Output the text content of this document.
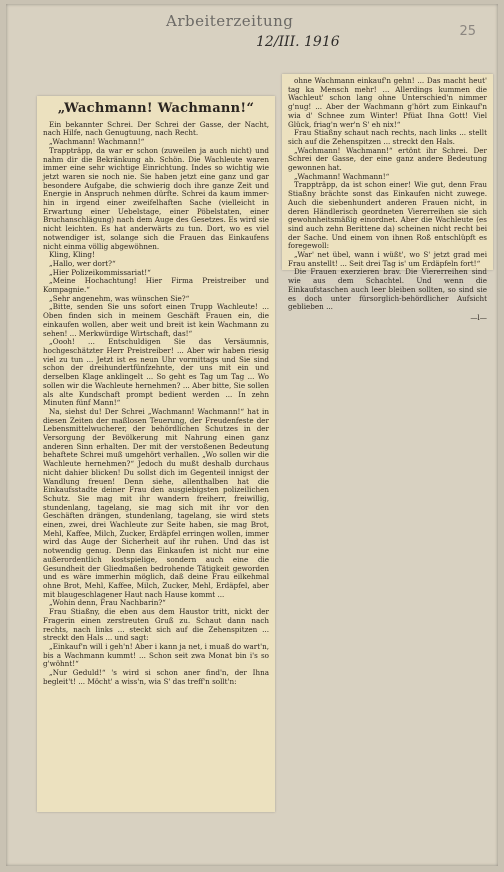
Arbeiterzeitung
12/III. 1916
25
„Wachmann! Wachmann!“

Ein bekannter Schrei. Der Schrei der Gasse, der Nacht, nach Hilfe, nach Genugtuung, nach Recht.

„Wachmann! Wachmann!“

Trappträpp, da war er schon (zuweilen ja auch nicht) und nahm dir die Bekränkung ab. Schön. Die Wachleute waren immer eine sehr wichtige Einrichtung. Indes so wichtig wie jetzt waren sie noch nie. Sie haben jetzt eine ganz und gar besondere Aufgabe, die schwierig doch ihre ganze Zeit und Energie in Anspruch nehmen dürfte. Schrei da kaum immer-hin in irgend einer zweifelhaften Sache (vielleicht in Erwartung einer Uebelstage, einer Pöbelstaten, einer Bruchanschlägung) nach dem Auge des Gesetzes. Es wird sie nicht leichten. Es hat anderwärts zu tun. Dort, wo es viel notwendiger ist, solange sich die Frauen das Einkaufens nicht einma völlig abgewöhnen.

Kling, Kling!

„Hallo, wer dort?“

„Hier Polizeikommissariat!“

„Meine Hochachtung! Hier Firma Preistreiber und Kompagnie.“

„Sehr angenehm, was wünschen Sie?“

„Bitte, senden Sie uns sofort einen Trupp Wachleute! ... Oben finden sich in meinem Geschäft Frauen ein, die einkaufen wollen, aber weit und breit ist kein Wachmann zu sehen! ... Merkwürdige Wirtschaft, das!“

„Oooh! ... Entschuldigen Sie das Versäumnis, hochgeschätzter Herr Preistreiber! ... Aber wir haben riesig viel zu tun ... Jetzt ist es neun Uhr vormittags und Sie sind schon der dreihundertfünfzehnte, der uns mit ein und derselben Klage anklingelt ... So geht es Tag um Tag ... Wo sollen wir die Wachleute hernehmen? ... Aber bitte, Sie sollen als alte Kundschaft prompt bedient werden ... In zehn Minuten fünf Mann!“

Na, siehst du! Der Schrei „Wachmann! Wachmann!“ hat in diesen Zeiten der maßlosen Teuerung, der Freudenfeste der Lebensmittelwucherer, der behördlichen Schutzes in der Versorgung der Bevölkerung mit Nahrung einen ganz anderen Sinn erhalten. Der mit der verstoßenen Bedeutung behaftete Schrei muß umgehört verhallen. „Wo sollen wir die Wachleute hernehmen?“ Jedoch du mußt deshalb durchaus nicht dahier blicken! Du sollst dich im Gegenteil innigst der Wandlung freuen! Denn siehe, allenthalben hat die Einkaufsstadte deiner Frau den ausgiebigsten polizeilichen Schutz. Sie mag mit ihr wandern freiherr, freiwillig, stundenlang, tagelang, sie mag sich mit ihr vor den Geschäften drängen, stundenlang, tagelang, sie wird stets einen, zwei, drei Wachleute zur Seite haben, sie mag Brot, Mehl, Kaffee, Milch, Zucker, Erdäpfel erringen wollen, immer wird das Auge der Sicherheit auf ihr ruhen. Und das ist notwendig genug. Denn das Einkaufen ist nicht nur eine außerordentlich kostspielige, sondern auch eine die Gesundheit der Gliedmaßen bedrohende Tätigkeit geworden und es wäre immerhin möglich, daß deine Frau eilkehmal ohne Brot, Mehl, Kaffee, Milch, Zucker, Mehl, Erdäpfel, aber mit blaugeschlagener Haut nach Hause kommt ...

„Wohin denn, Frau Nachbarin?“

Frau Stiaßny, die eben aus dem Haustor tritt, nickt der Fragerin einen zerstreuten Gruß zu. Schaut dann nach rechts, nach links ... steckt sich auf die Zehenspitzen ... streckt den Hals ... und sagt:

„Einkauf'n will i geh'n! Aber i kann ja net, i muaß do wart'n, bis a Wachmann kummt! ... Schon seit zwa Monat bin i's so g'wöhnt!“

„Nur Geduld!“ 's wird si schon aner find'n, der Ihna begleit't! ... Möcht' a wiss'n, wia S' das treff'n sollt'n:

ohne Wachmann einkauf'n gehn! ... Das macht heut' tag ka Mensch mehr! ... Allerdings kummen die Wachleut' schon lang ohne Unterschied'n nimmer g'nug! ... Aber der Wachmann g'hört zum Einkauf'n wia d' Schnee zum Winter! Pfüat Ihna Gott! Viel Glück, friag'n wer'n S' eh nix!“

Frau Stiaßny schaut nach rechts, nach links ... stellt sich auf die Zehenspitzen ... streckt den Hals.

„Wachmann! Wachmann!“ ertönt ihr Schrei. Der Schrei der Gasse, der eine ganz andere Bedeutung gewonnen hat.

„Wachmann! Wachmann!“

Trappträpp, da ist schon einer! Wie gut, denn Frau Stiaßny brächte sonst das Einkaufen nicht zuwege. Auch die siebenhundert anderen Frauen nicht, in deren Händlerisch geordneten Viererreihen sie sich gewohnheitsmäßig einordnet. Aber die Wachleute (es sind auch zehn Berittene da) scheinen nicht recht bei der Sache. Und einem von ihnen Roß entschlüpft es foregewoll:

„War' net übel, wann i wüßt', wo S' jetzt grad mei Frau anstellt! ... Seit drei Tag is' um Erdäpfeln fort!“

Die Frauen exerzieren brav. Die Viererreihen sind wie aus dem Schachtel. Und wenn die Einkaufstaschen auch leer bleiben sollten, so sind sie es doch unter fürsorglich-behördlicher Aufsicht geblieben ...

—l—
